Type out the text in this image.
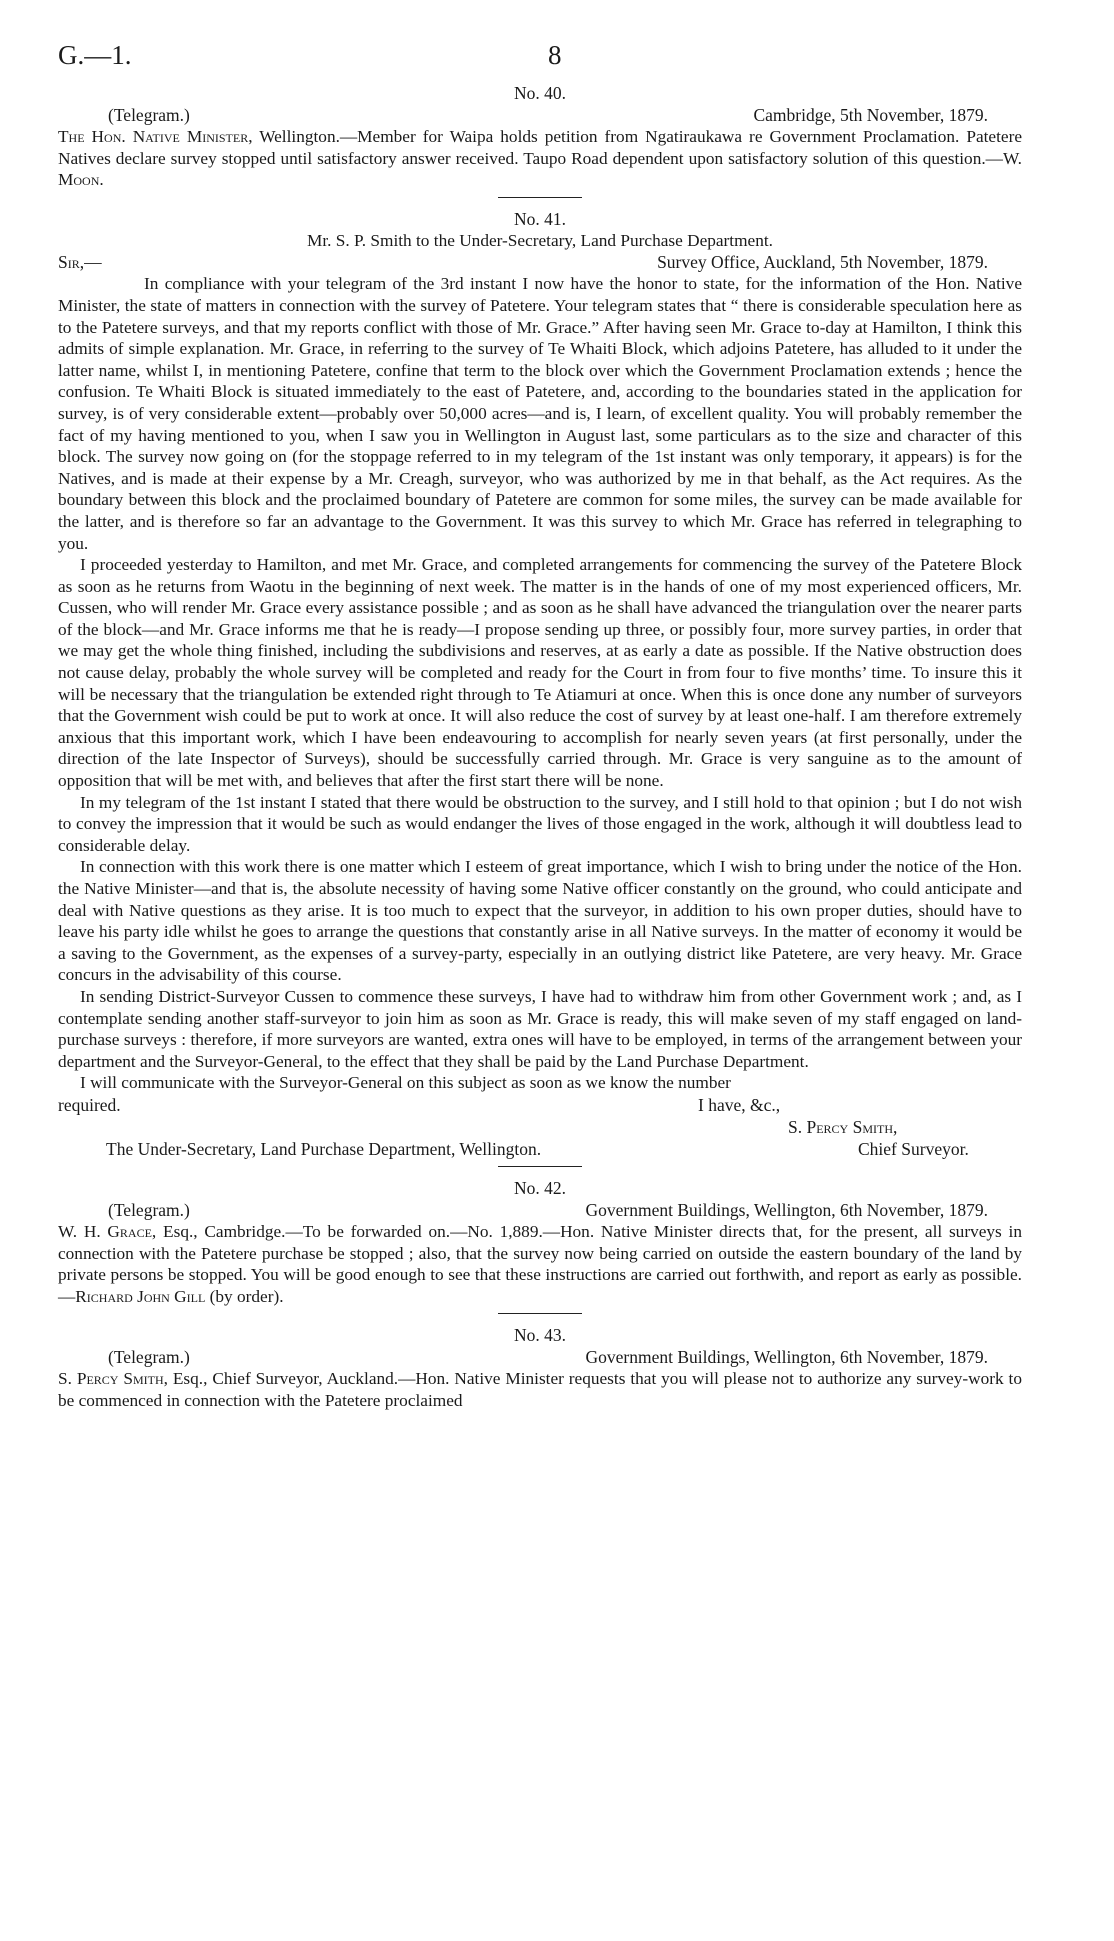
G.—1.	8

No. 40.

(Telegram.)	Cambridge, 5th November, 1879.

The Hon. Native Minister, Wellington.—Member for Waipa holds petition from Ngatiraukawa re Government Proclamation. Patetere Natives declare survey stopped until satisfactory answer received. Taupo Road dependent upon satisfactory solution of this question.—W. Moon.

No. 41.

Mr. S. P. Smith to the Under-Secretary, Land Purchase Department.

Sir,—	Survey Office, Auckland, 5th November, 1879.

In compliance with your telegram of the 3rd instant I now have the honor to state, for the information of the Hon. Native Minister, the state of matters in connection with the survey of Patetere. Your telegram states that “ there is considerable speculation here as to the Patetere surveys, and that my reports conflict with those of Mr. Grace.” After having seen Mr. Grace to-day at Hamilton, I think this admits of simple explanation. Mr. Grace, in referring to the survey of Te Whaiti Block, which adjoins Patetere, has alluded to it under the latter name, whilst I, in mentioning Patetere, confine that term to the block over which the Government Proclamation extends ; hence the confusion. Te Whaiti Block is situated immediately to the east of Patetere, and, according to the boundaries stated in the application for survey, is of very considerable extent—probably over 50,000 acres—and is, I learn, of excellent quality. You will probably remember the fact of my having mentioned to you, when I saw you in Wellington in August last, some particulars as to the size and character of this block. The survey now going on (for the stoppage referred to in my telegram of the 1st instant was only temporary, it appears) is for the Natives, and is made at their expense by a Mr. Creagh, surveyor, who was authorized by me in that behalf, as the Act requires. As the boundary between this block and the proclaimed boundary of Patetere are common for some miles, the survey can be made available for the latter, and is therefore so far an advantage to the Government. It was this survey to which Mr. Grace has referred in telegraphing to you.

I proceeded yesterday to Hamilton, and met Mr. Grace, and completed arrangements for commencing the survey of the Patetere Block as soon as he returns from Waotu in the beginning of next week. The matter is in the hands of one of my most experienced officers, Mr. Cussen, who will render Mr. Grace every assistance possible ; and as soon as he shall have advanced the triangulation over the nearer parts of the block—and Mr. Grace informs me that he is ready—I propose sending up three, or possibly four, more survey parties, in order that we may get the whole thing finished, including the subdivisions and reserves, at as early a date as possible. If the Native obstruction does not cause delay, probably the whole survey will be completed and ready for the Court in from four to five months’ time. To insure this it will be necessary that the triangulation be extended right through to Te Atiamuri at once. When this is once done any number of surveyors that the Government wish could be put to work at once. It will also reduce the cost of survey by at least one-half. I am therefore extremely anxious that this important work, which I have been endeavouring to accomplish for nearly seven years (at first personally, under the direction of the late Inspector of Surveys), should be successfully carried through. Mr. Grace is very sanguine as to the amount of opposition that will be met with, and believes that after the first start there will be none.

In my telegram of the 1st instant I stated that there would be obstruction to the survey, and I still hold to that opinion ; but I do not wish to convey the impression that it would be such as would endanger the lives of those engaged in the work, although it will doubtless lead to considerable delay.

In connection with this work there is one matter which I esteem of great importance, which I wish to bring under the notice of the Hon. the Native Minister—and that is, the absolute necessity of having some Native officer constantly on the ground, who could anticipate and deal with Native questions as they arise. It is too much to expect that the surveyor, in addition to his own proper duties, should have to leave his party idle whilst he goes to arrange the questions that constantly arise in all Native surveys. In the matter of economy it would be a saving to the Government, as the expenses of a survey-party, especially in an outlying district like Patetere, are very heavy. Mr. Grace concurs in the advisability of this course.

In sending District-Surveyor Cussen to commence these surveys, I have had to withdraw him from other Government work ; and, as I contemplate sending another staff-surveyor to join him as soon as Mr. Grace is ready, this will make seven of my staff engaged on land-purchase surveys : therefore, if more surveyors are wanted, extra ones will have to be employed, in terms of the arrangement between your department and the Surveyor-General, to the effect that they shall be paid by the Land Purchase Department.

I will communicate with the Surveyor-General on this subject as soon as we know the number

required.	I have, &c.,
S. Percy Smith,
The Under-Secretary, Land Purchase Department, Wellington.	Chief Surveyor.

No. 42.

(Telegram.)	Government Buildings, Wellington, 6th November, 1879.

W. H. Grace, Esq., Cambridge.—To be forwarded on.—No. 1,889.—Hon. Native Minister directs that, for the present, all surveys in connection with the Patetere purchase be stopped ; also, that the survey now being carried on outside the eastern boundary of the land by private persons be stopped. You will be good enough to see that these instructions are carried out forthwith, and report as early as possible.—Richard John Gill (by order).

No. 43.

(Telegram.)	Government Buildings, Wellington, 6th November, 1879.

S. Percy Smith, Esq., Chief Surveyor, Auckland.—Hon. Native Minister requests that you will please not to authorize any survey-work to be commenced in connection with the Patetere proclaimed
